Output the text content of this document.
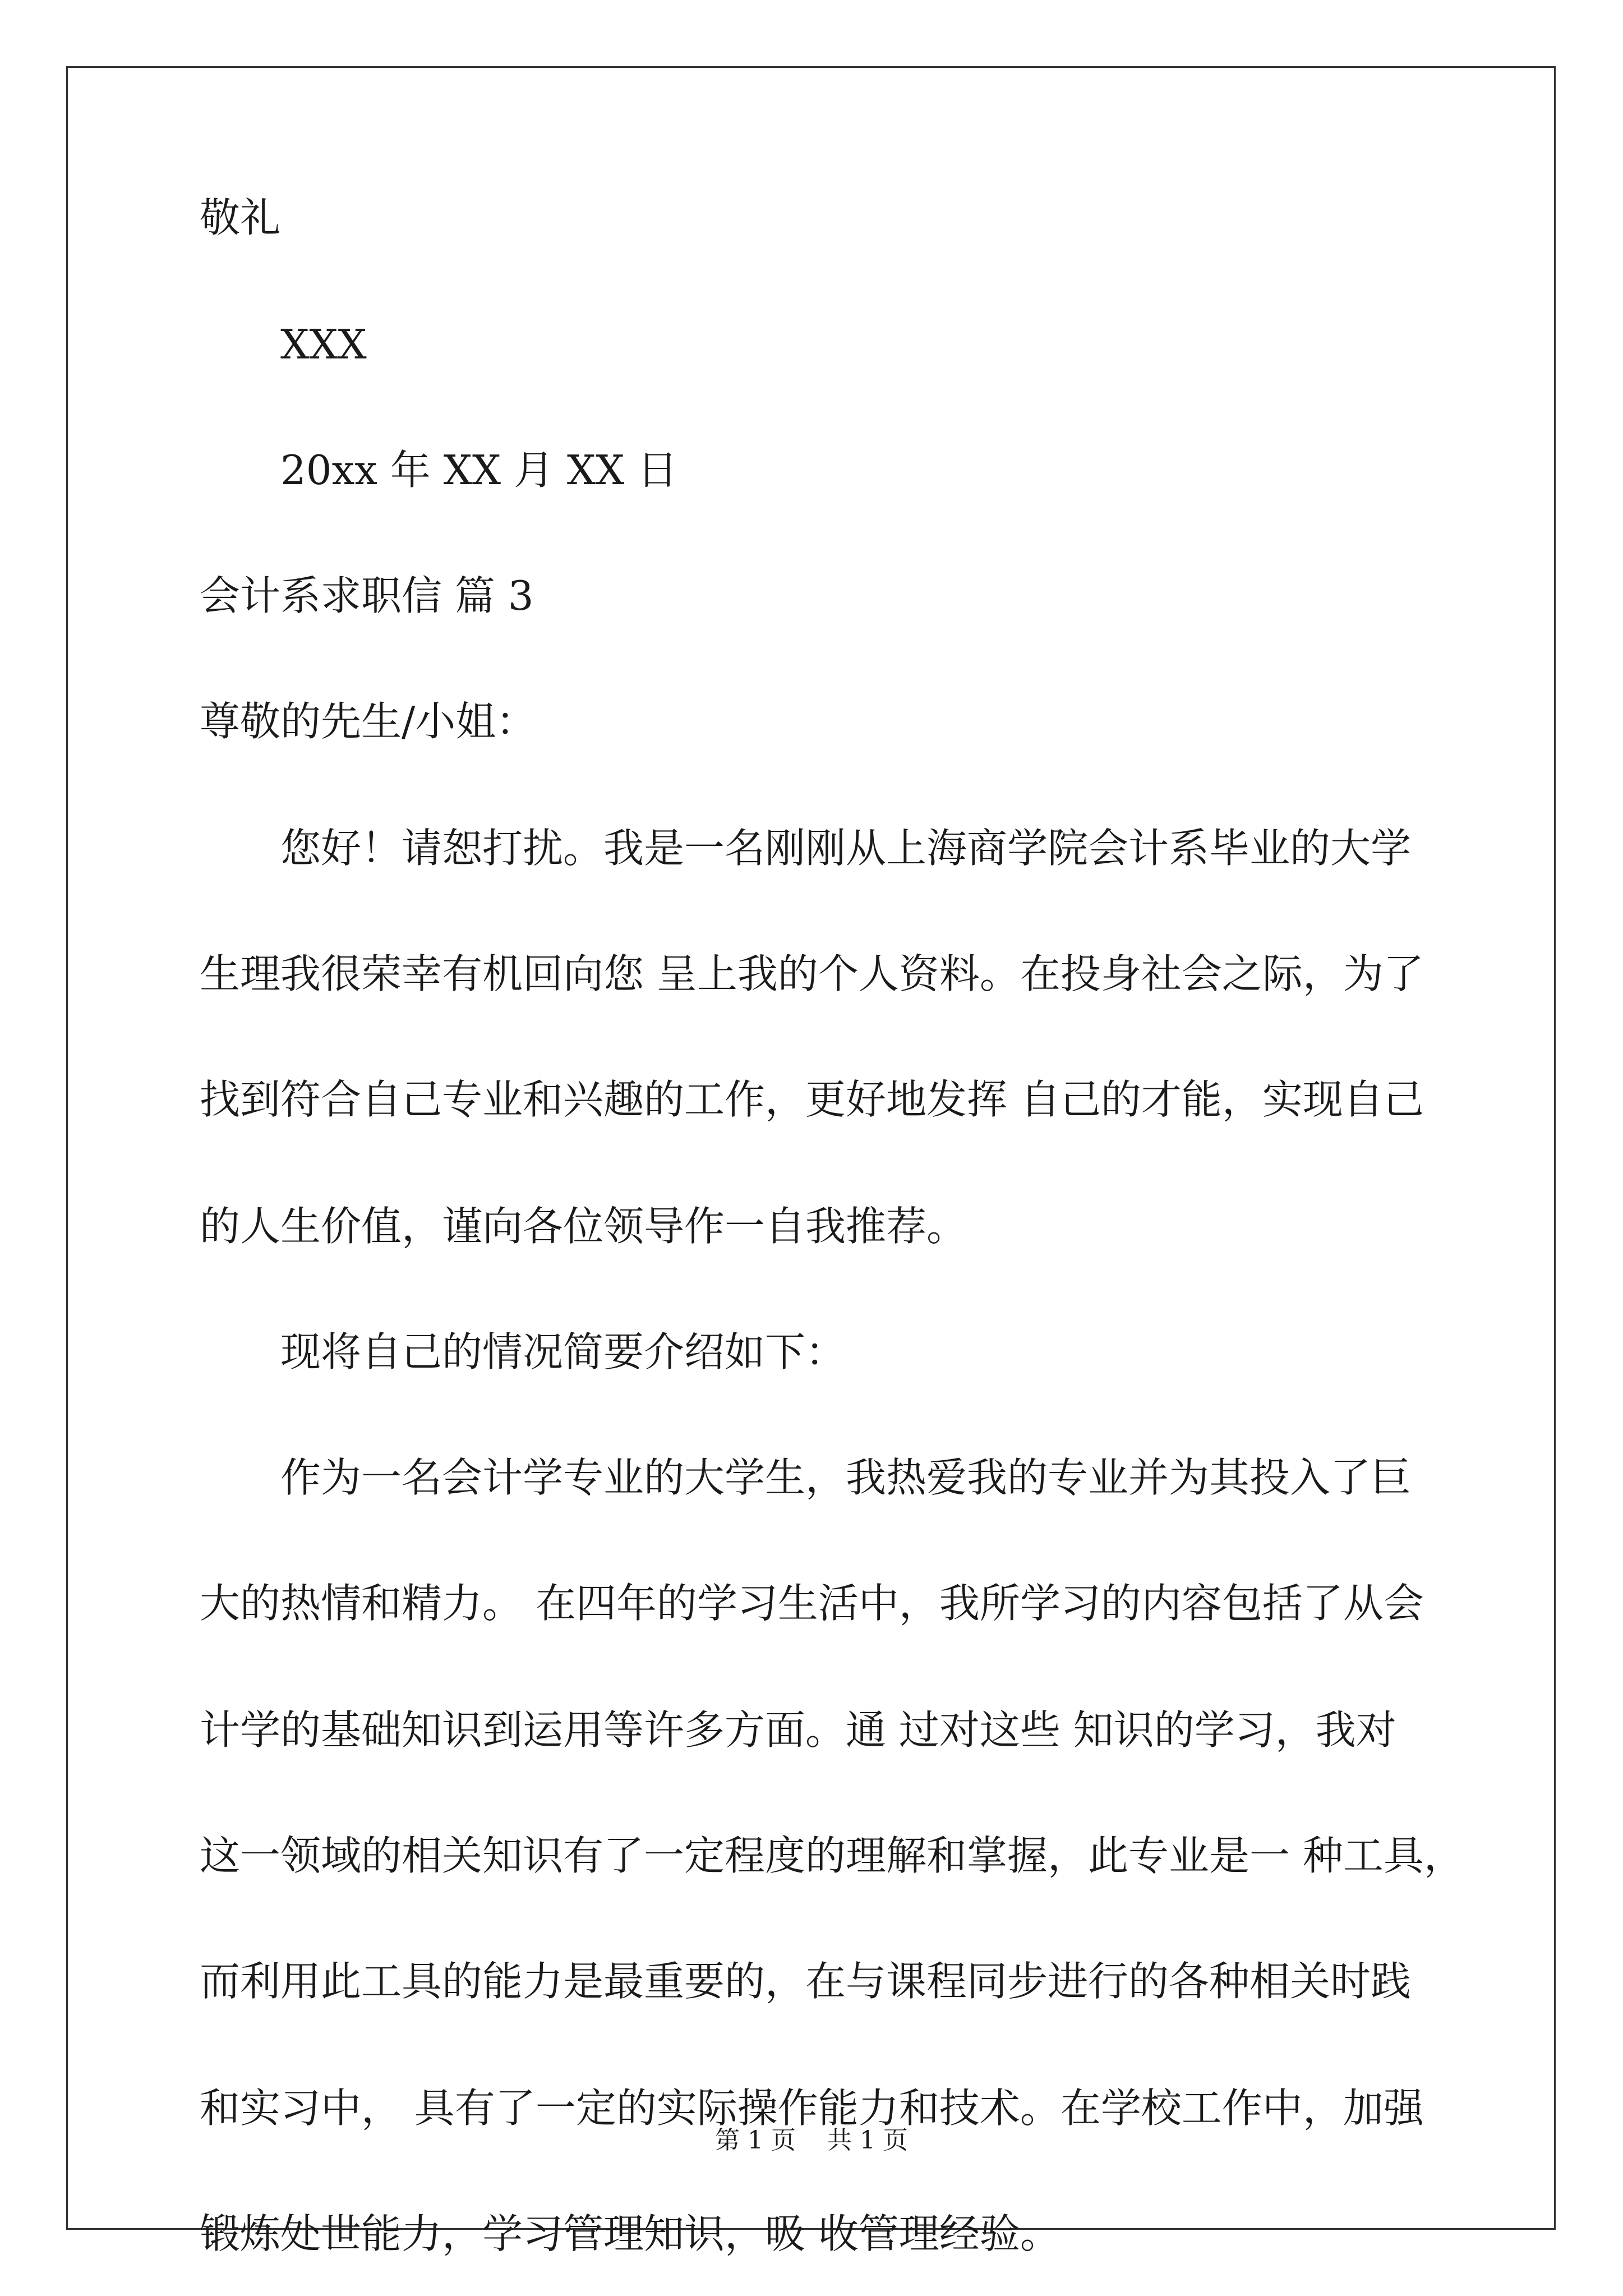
敬礼
XXX
20xx 年 XX 月 XX 日
会计系求职信 篇 3
尊敬的先生/小姐：
您好！请恕打扰。我是一名刚刚从上海商学院会计系毕业的大学
生理我很荣幸有机回向您 呈上我的个人资料。在投身社会之际，为了
找到符合自己专业和兴趣的工作，更好地发挥 自己的才能，实现自己
的人生价值，谨向各位领导作一自我推荐。
现将自己的情况简要介绍如下：
作为一名会计学专业的大学生，我热爱我的专业并为其投入了巨
大的热情和精力。 在四年的学习生活中，我所学习的内容包括了从会
计学的基础知识到运用等许多方面。通 过对这些 知识的学习，我对
这一领域的相关知识有了一定程度的理解和掌握，此专业是一 种工具，
而利用此工具的能力是最重要的，在与课程同步进行的各种相关时践
和实习中， 具有了一定的实际操作能力和技术。在学校工作中，加强
锻炼处世能力，学习管理知识，吸 收管理经验。
第 1 页 共 1 页
